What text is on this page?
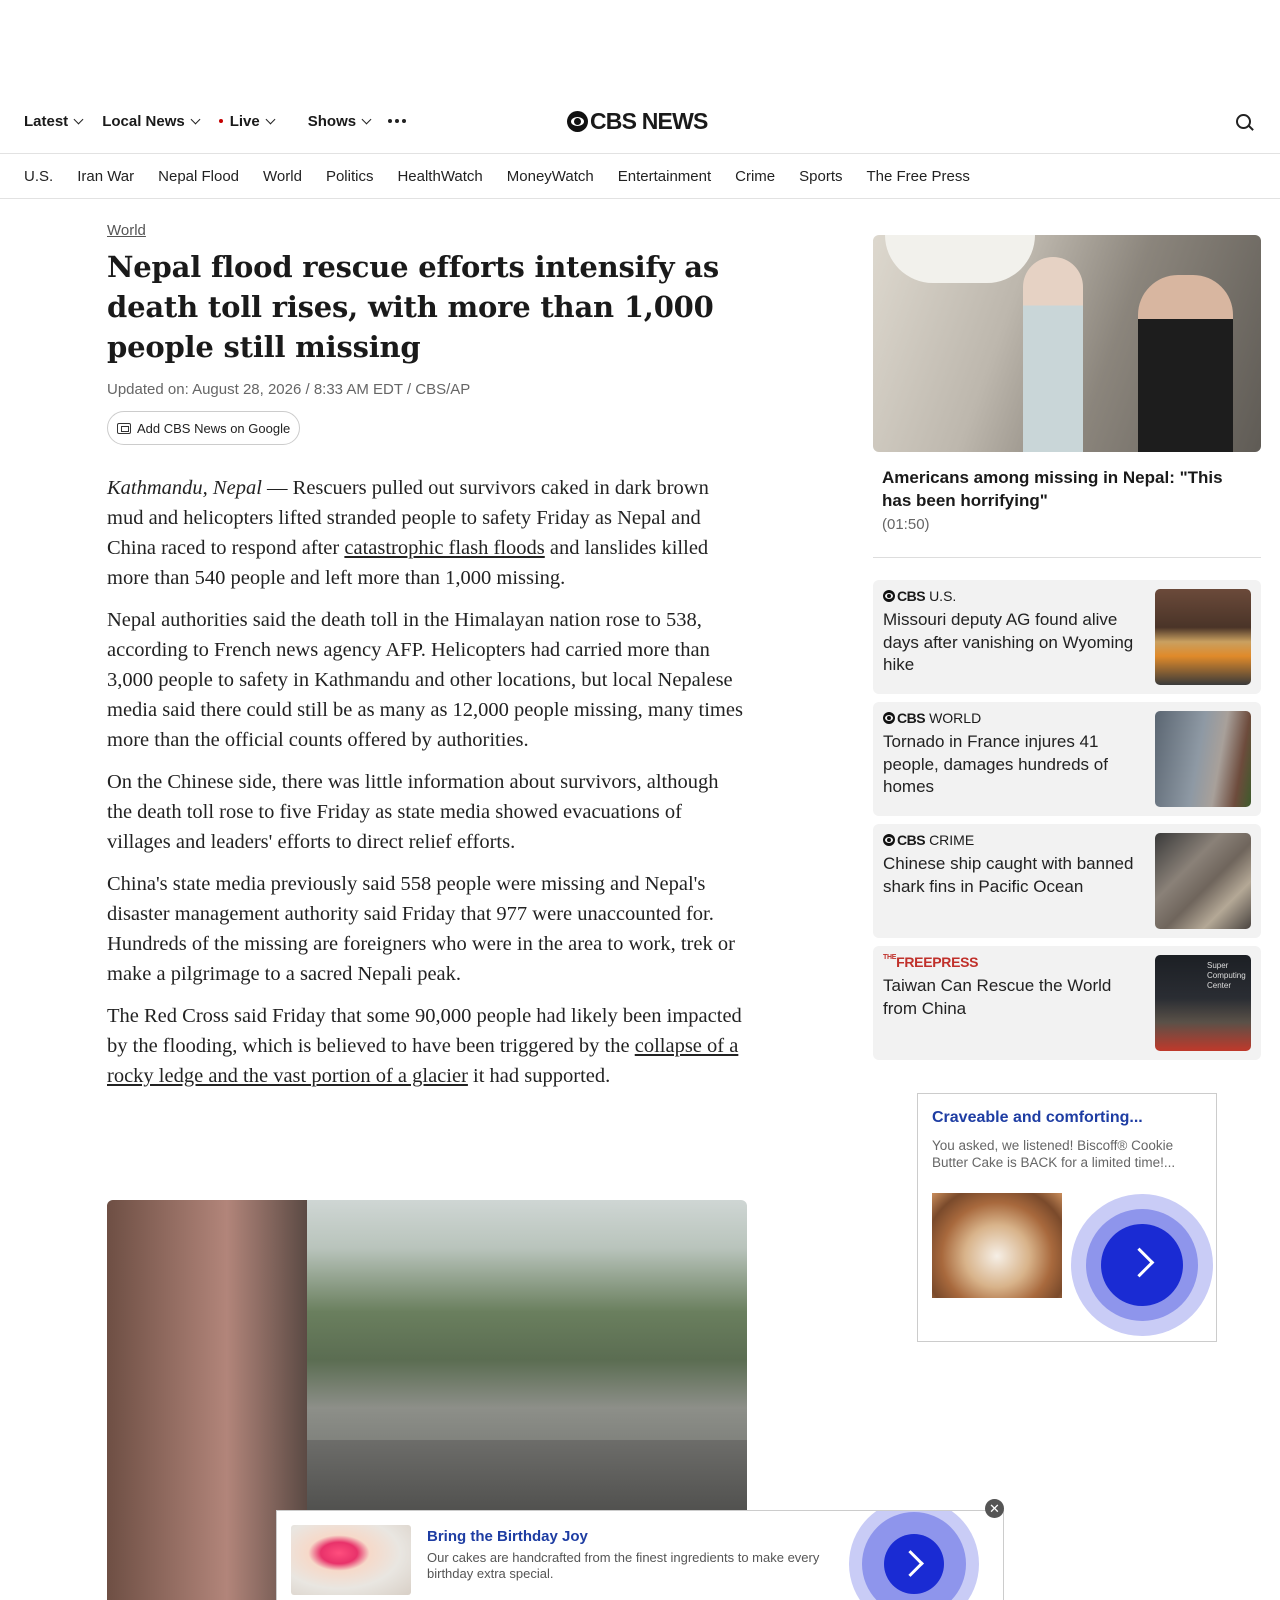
Latest Local News	Live	Shows	CBS NEWS
U.S. Iran War Nepal Flood World Politics HealthWatch MoneyWatch Entertainment Crime Sports The Free Press
World
Nepal flood rescue efforts intensify as death toll rises, with more than 1,000 people still missing
Updated on: August 28, 2026 / 8:33 AM EDT / CBS/AP
Add CBS News on Google

Kathmandu, Nepal — Rescuers pulled out survivors caked in dark brown mud and helicopters lifted stranded people to safety Friday as Nepal and China raced to respond after catastrophic flash floods and lanslides killed more than 540 people and left more than 1,000 missing.

Nepal authorities said the death toll in the Himalayan nation rose to 538, according to French news agency AFP. Helicopters had carried more than 3,000 people to safety in Kathmandu and other locations, but local Nepalese media said there could still be as many as 12,000 people missing, many times more than the official counts offered by authorities.

On the Chinese side, there was little information about survivors, although the death toll rose to five Friday as state media showed evacuations of villages and leaders' efforts to direct relief efforts.

China's state media previously said 558 people were missing and Nepal's disaster management authority said Friday that 977 were unaccounted for. Hundreds of the missing are foreigners who were in the area to work, trek or make a pilgrimage to a sacred Nepali peak.

The Red Cross said Friday that some 90,000 people had likely been impacted by the flooding, which is believed to have been triggered by the collapse of a rocky ledge and the vast portion of a glacier it had supported.

Americans among missing in Nepal: "This has been horrifying"
(01:50)
CBS U.S.
Missouri deputy AG found alive days after vanishing on Wyoming hike
CBS WORLD
Tornado in France injures 41 people, damages hundreds of homes
CBS CRIME
Chinese ship caught with banned shark fins in Pacific Ocean
$^{THE}$FREEPRESS
Taiwan Can Rescue the World from China
Super Computing Center
Craveable and comforting...
You asked, we listened! Biscoff® Cookie Butter Cake is BACK for a limited time!...
Bring the Birthday Joy
Our cakes are handcrafted from the finest ingredients to make every birthday extra special.
✕
